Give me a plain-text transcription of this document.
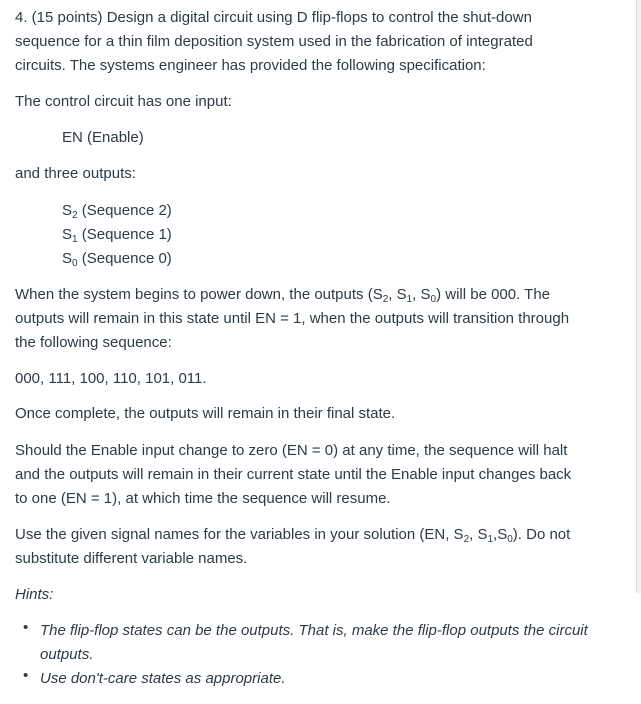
4. (15 points) Design a digital circuit using D flip-flops to control the shut-down
sequence for a thin film deposition system used in the fabrication of integrated
circuits. The systems engineer has provided the following specification:
The control circuit has one input:
EN (Enable)
and three outputs:
$S_2$ (Sequence 2)
$S_1$ (Sequence 1)
$S_0$ (Sequence 0)
When the system begins to power down, the outputs ($S_2$, $S_1$, $S_0$) will be 000. The
outputs will remain in this state until EN = 1, when the outputs will transition through
the following sequence:
000, 111, 100, 110, 101, 011.
Once complete, the outputs will remain in their final state.
Should the Enable input change to zero (EN = 0) at any time, the sequence will halt
and the outputs will remain in their current state until the Enable input changes back
to one (EN = 1), at which time the sequence will resume.
Use the given signal names for the variables in your solution (EN, $S_2$, $S_1,S_0$). Do not
substitute different variable names.
Hints:
• The flip-flop states can be the outputs. That is, make the flip-flop outputs the circuit
outputs.
• Use don't-care states as appropriate.
